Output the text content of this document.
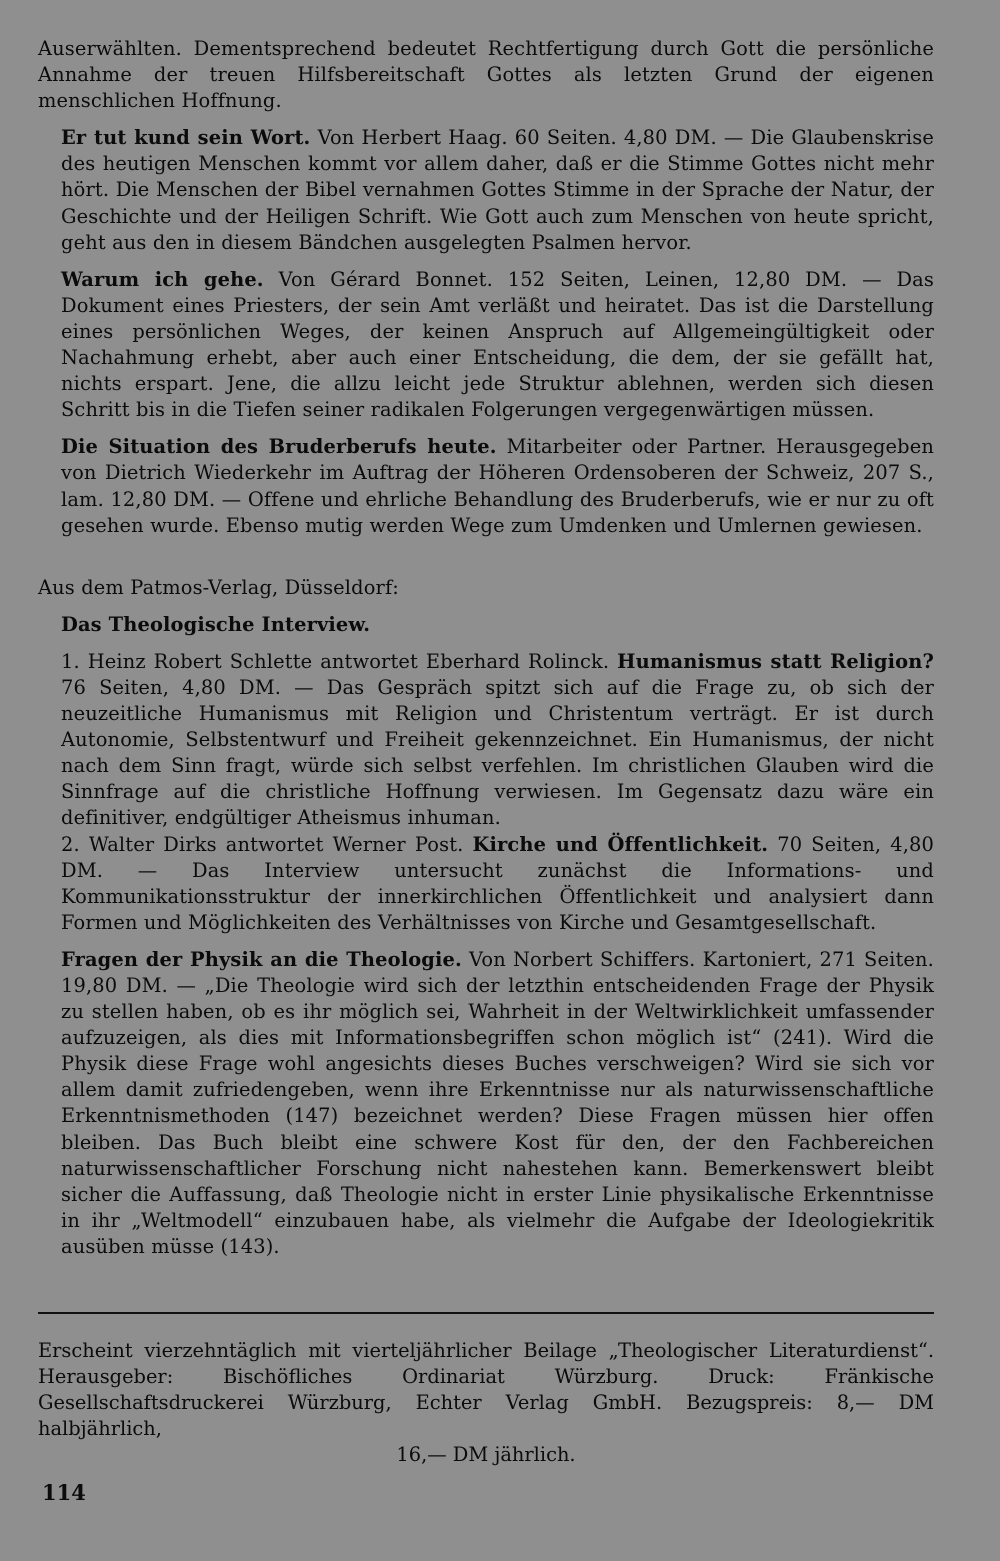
Auserwählten. Dementsprechend bedeutet Rechtfertigung durch Gott die persönliche Annahme der treuen Hilfsbereitschaft Gottes als letzten Grund der eigenen menschlichen Hoffnung.

Er tut kund sein Wort. Von Herbert Haag. 60 Seiten. 4,80 DM. — Die Glaubenskrise des heutigen Menschen kommt vor allem daher, daß er die Stimme Gottes nicht mehr hört. Die Menschen der Bibel vernahmen Gottes Stimme in der Sprache der Natur, der Geschichte und der Heiligen Schrift. Wie Gott auch zum Menschen von heute spricht, geht aus den in diesem Bändchen ausgelegten Psalmen hervor.

Warum ich gehe. Von Gérard Bonnet. 152 Seiten, Leinen, 12,80 DM. — Das Dokument eines Priesters, der sein Amt verläßt und heiratet. Das ist die Darstellung eines persönlichen Weges, der keinen Anspruch auf Allgemeingültigkeit oder Nachahmung erhebt, aber auch einer Entscheidung, die dem, der sie gefällt hat, nichts erspart. Jene, die allzu leicht jede Struktur ablehnen, werden sich diesen Schritt bis in die Tiefen seiner radikalen Folgerungen vergegenwärtigen müssen.

Die Situation des Bruderberufs heute. Mitarbeiter oder Partner. Herausgegeben von Dietrich Wiederkehr im Auftrag der Höheren Ordensoberen der Schweiz, 207 S., lam. 12,80 DM. — Offene und ehrliche Behandlung des Bruderberufs, wie er nur zu oft gesehen wurde. Ebenso mutig werden Wege zum Umdenken und Umlernen gewiesen.

Aus dem Patmos-Verlag, Düsseldorf:

Das Theologische Interview.

1. Heinz Robert Schlette antwortet Eberhard Rolinck. Humanismus statt Religion? 76 Seiten, 4,80 DM. — Das Gespräch spitzt sich auf die Frage zu, ob sich der neuzeitliche Humanismus mit Religion und Christentum verträgt. Er ist durch Autonomie, Selbstentwurf und Freiheit gekennzeichnet. Ein Humanismus, der nicht nach dem Sinn fragt, würde sich selbst verfehlen. Im christlichen Glauben wird die Sinnfrage auf die christliche Hoffnung verwiesen. Im Gegensatz dazu wäre ein definitiver, endgültiger Atheismus inhuman.

2. Walter Dirks antwortet Werner Post. Kirche und Öffentlichkeit. 70 Seiten, 4,80 DM. — Das Interview untersucht zunächst die Informations- und Kommunikationsstruktur der innerkirchlichen Öffentlichkeit und analysiert dann Formen und Möglichkeiten des Verhältnisses von Kirche und Gesamtgesellschaft.

Fragen der Physik an die Theologie. Von Norbert Schiffers. Kartoniert, 271 Seiten. 19,80 DM. — „Die Theologie wird sich der letzthin entscheidenden Frage der Physik zu stellen haben, ob es ihr möglich sei, Wahrheit in der Weltwirklichkeit umfassender aufzuzeigen, als dies mit Informationsbegriffen schon möglich ist“ (241). Wird die Physik diese Frage wohl angesichts dieses Buches verschweigen? Wird sie sich vor allem damit zufriedengeben, wenn ihre Erkenntnisse nur als naturwissenschaftliche Erkenntnismethoden (147) bezeichnet werden? Diese Fragen müssen hier offen bleiben. Das Buch bleibt eine schwere Kost für den, der den Fachbereichen naturwissenschaftlicher Forschung nicht nahestehen kann. Bemerkenswert bleibt sicher die Auffassung, daß Theologie nicht in erster Linie physikalische Erkenntnisse in ihr „Weltmodell“ einzubauen habe, als vielmehr die Aufgabe der Ideologiekritik ausüben müsse (143).

Erscheint vierzehntäglich mit vierteljährlicher Beilage „Theologischer Literaturdienst“. Herausgeber: Bischöfliches Ordinariat Würzburg. Druck: Fränkische Gesellschaftsdruckerei Würzburg, Echter Verlag GmbH. Bezugspreis: 8,— DM halbjährlich,

16,— DM jährlich.

114
